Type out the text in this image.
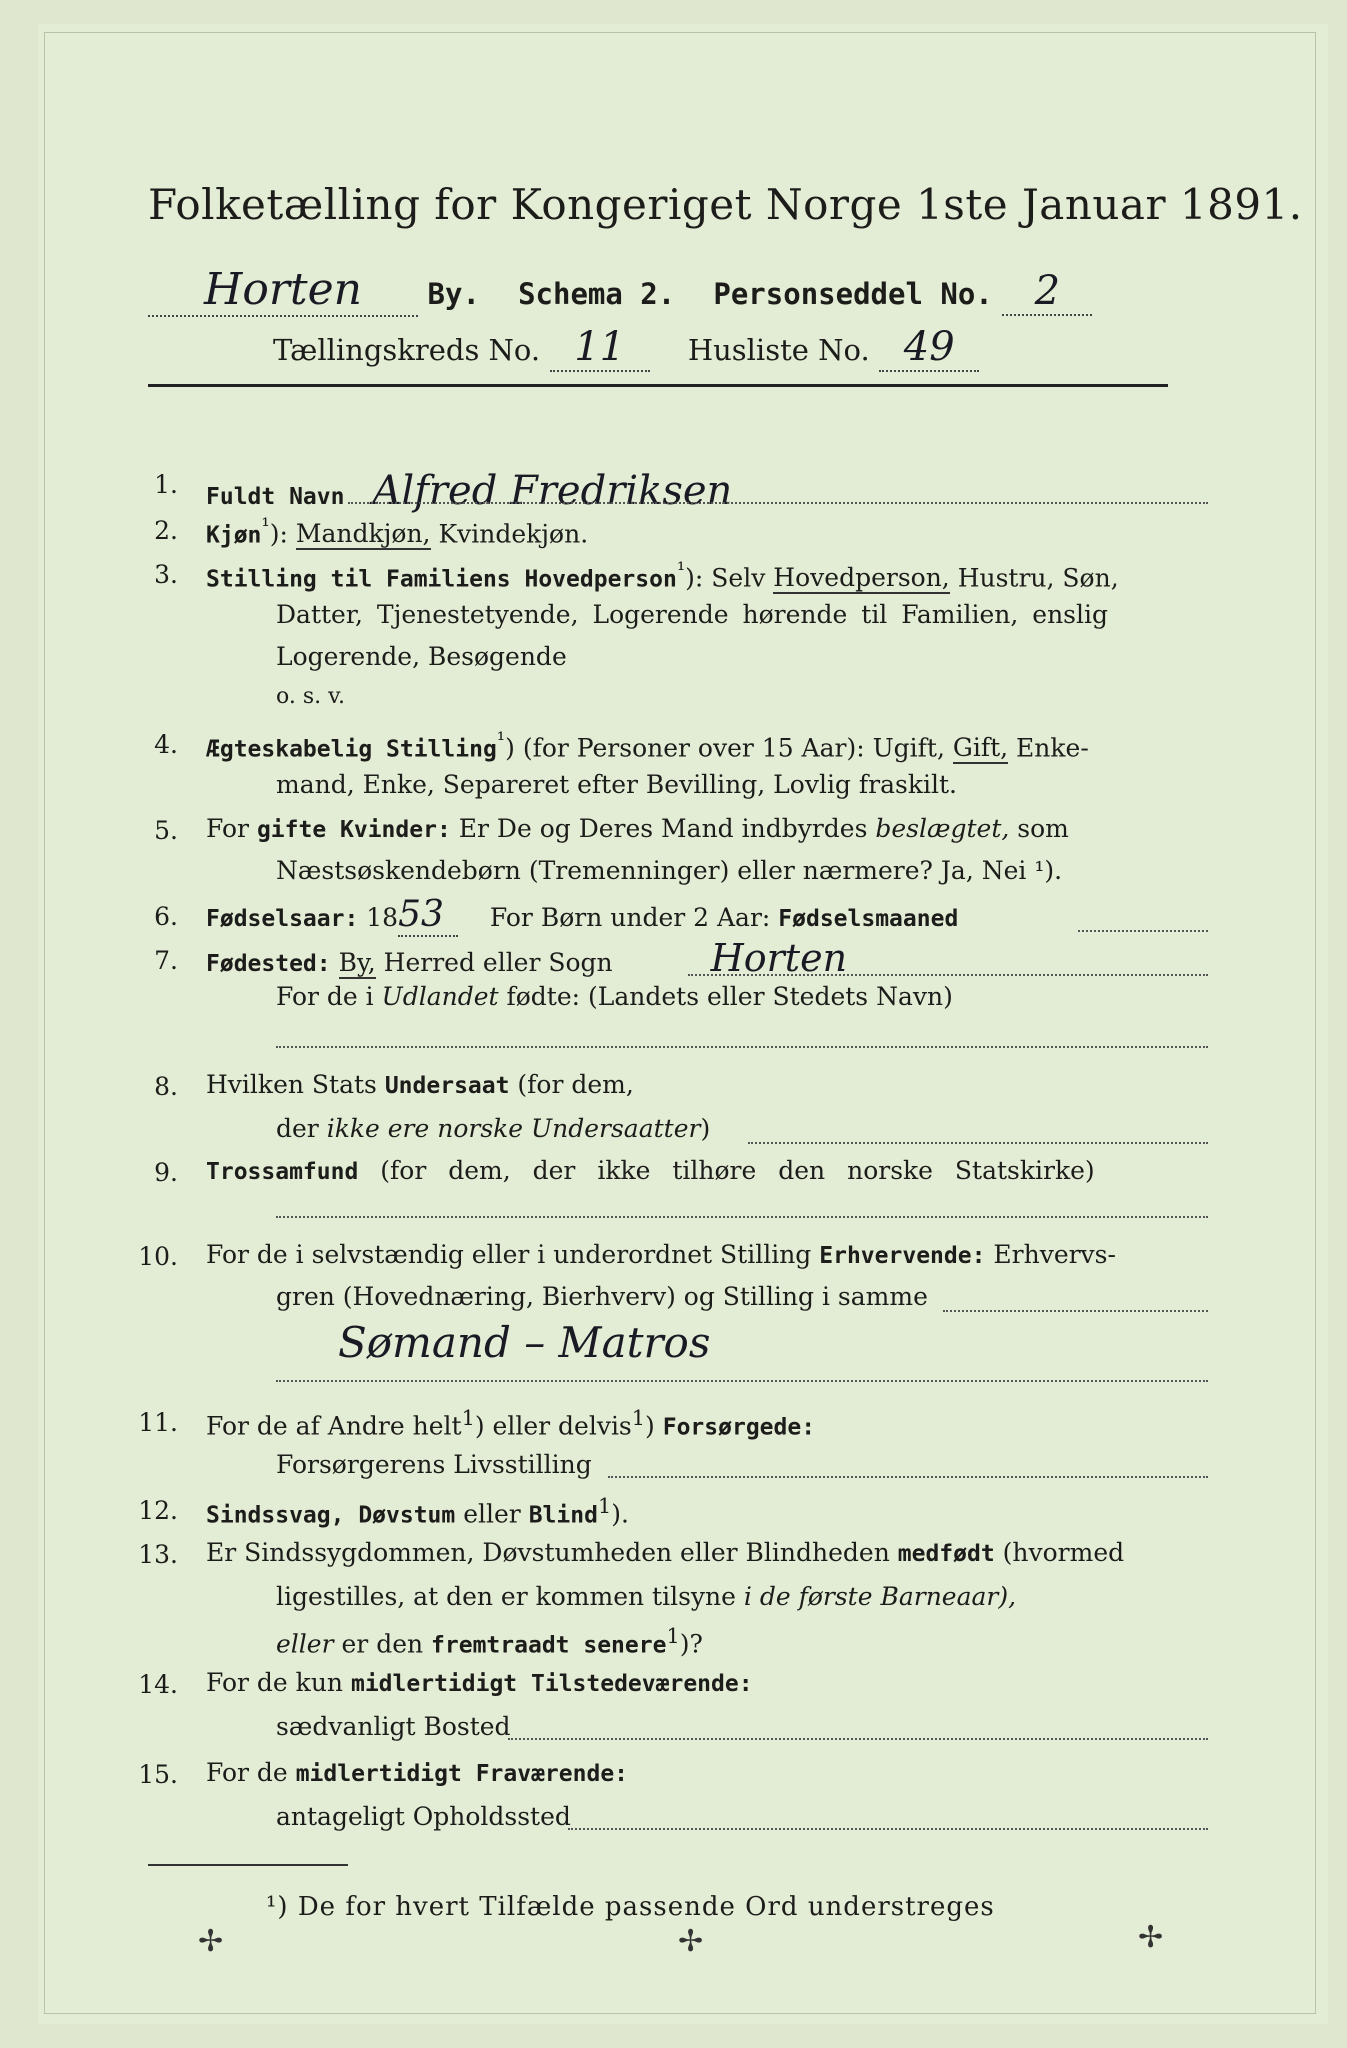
Folketælling for Kongeriget Norge 1ste Januar 1891.
Horten By. Schema 2. Personseddel No. 2
Tællingskreds No. 11 Husliste No. 49
1. Fuldt Navn Alfred Fredriksen
2. Kjøn$^{^1}$): Mandkjøn, Kvindekjøn.
3. Stilling til Familiens Hovedperson$^{^1}$): Selv Hovedperson, Hustru, Søn,
Datter, Tjenestetyende, Logerende hørende til Familien, enslig
Logerende, Besøgende
o. s. v.
4. Ægteskabelig Stilling$^{^1}$) (for Personer over 15 Aar): Ugift, Gift, Enke-
mand, Enke, Separeret efter Bevilling, Lovlig fraskilt.
5. For gifte Kvinder: Er De og Deres Mand indbyrdes beslægtet, som
Næstsøskendebørn (Tremenninger) eller nærmere? Ja, Nei ¹).
6. Fødselsaar: 1853 For Børn under 2 Aar: Fødselsmaaned
7. Fødested: By, Herred eller Sogn	Horten
For de i Udlandet fødte: (Landets eller Stedets Navn)
8. Hvilken Stats Undersaat (for dem,
der ikke ere norske Undersaatter)
9. Trossamfund (for dem, der ikke tilhøre den norske Statskirke)
10. For de i selvstændig eller i underordnet Stilling Erhvervende: Erhvervs-
gren (Hovednæring, Bierhverv) og Stilling i samme
Sømand – Matros
11. For de af Andre helt$^1$) eller delvis$^1$) Forsørgede:
Forsørgerens Livsstilling
12. Sindssvag, Døvstum eller Blind$^1$).
13. Er Sindssygdommen, Døvstumheden eller Blindheden medfødt (hvormed
ligestilles, at den er kommen tilsyne i de første Barneaar),
eller er den fremtraadt senere$^1$)?
14. For de kun midlertidigt Tilstedeværende:
sædvanligt Bosted
15. For de midlertidigt Fraværende:
antageligt Opholdssted
¹) De for hvert Tilfælde passende Ord understreges
✢	✢	✢
